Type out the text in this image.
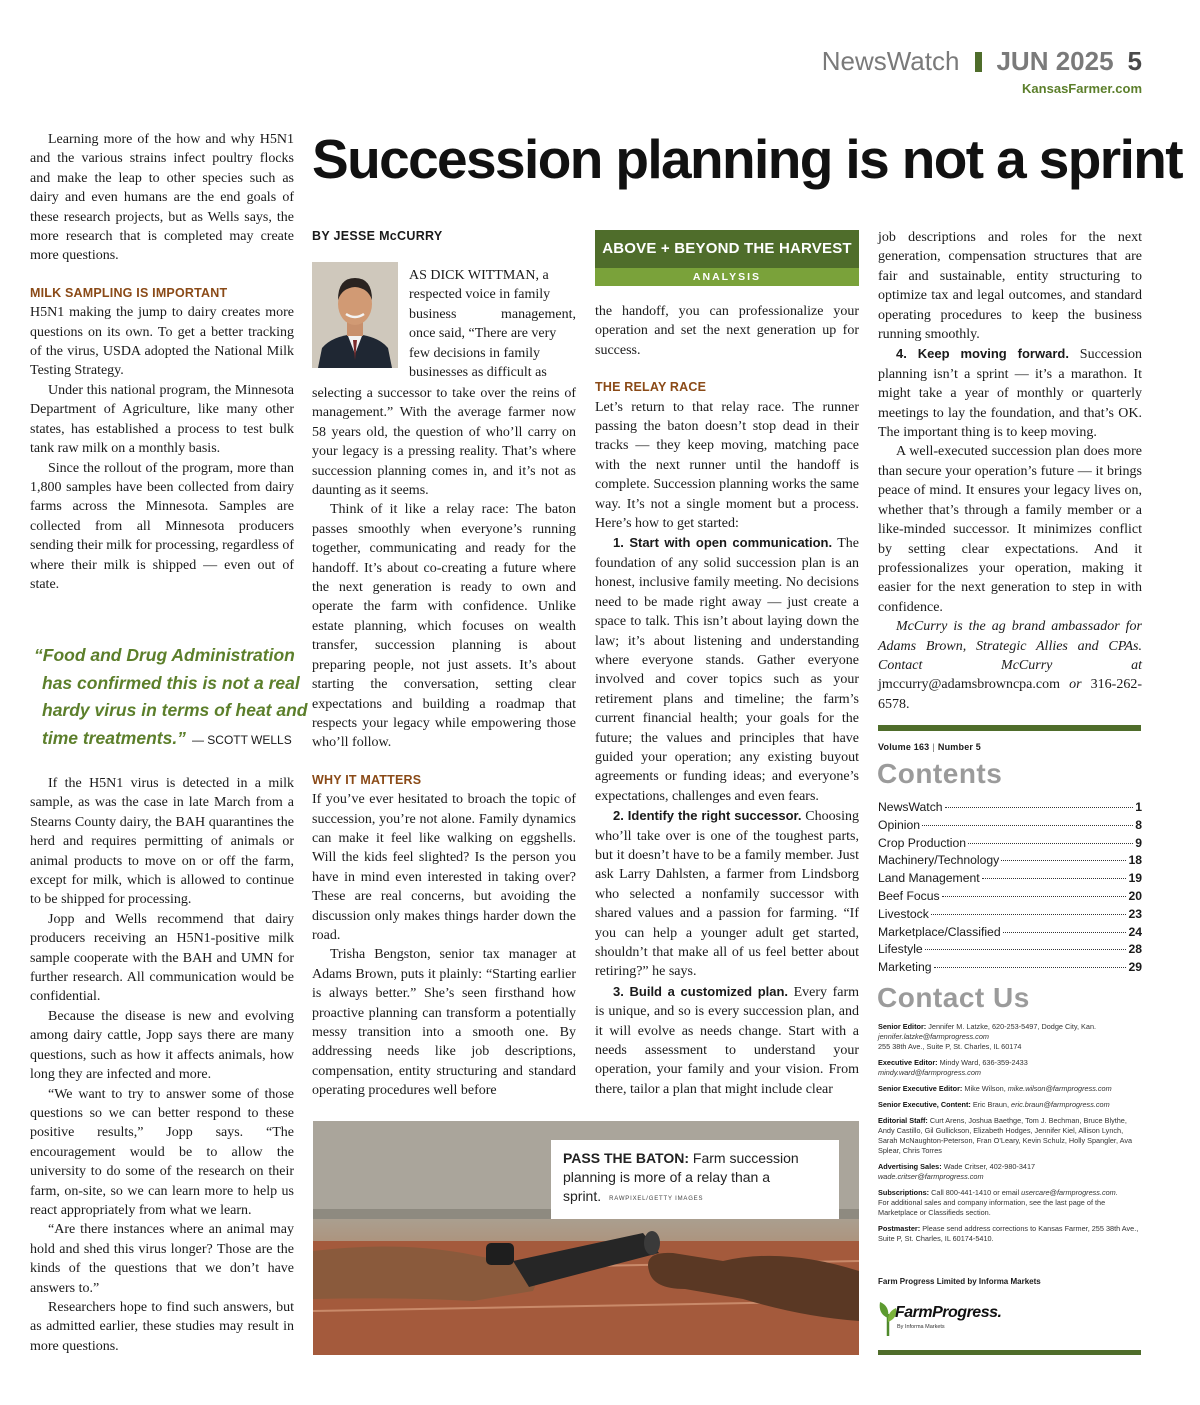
NewsWatch JUN 2025 5
KansasFarmer.com

Learning more of the how and why H5N1 and the various strains infect poultry flocks and make the leap to other species such as dairy and even humans are the end goals of these research projects, but as Wells says, the more research that is completed may create more questions.

MILK SAMPLING IS IMPORTANT

H5N1 making the jump to dairy creates more questions on its own. To get a better tracking of the virus, USDA adopted the National Milk Testing Strategy.

Under this national program, the Minnesota Department of Agriculture, like many other states, has established a process to test bulk tank raw milk on a monthly basis.

Since the rollout of the program, more than 1,800 samples have been collected from dairy farms across the Minnesota. Samples are collected from all Minnesota producers sending their milk for processing, regardless of where their milk is shipped — even out of state.

“Food and Drug Administration
has confirmed this is not a real
hardy virus in terms of heat and
time treatments.” — SCOTT WELLS

If the H5N1 virus is detected in a milk sample, as was the case in late March from a Stearns County dairy, the BAH quarantines the herd and requires permitting of animals or animal products to move on or off the farm, except for milk, which is allowed to continue to be shipped for processing.

Jopp and Wells recommend that dairy producers receiving an H5N1-positive milk sample cooperate with the BAH and UMN for further research. All communication would be confidential.

Because the disease is new and evolving among dairy cattle, Jopp says there are many questions, such as how it affects animals, how long they are infected and more.

“We want to try to answer some of those questions so we can better respond to these positive results,” Jopp says. “The encouragement would be to allow the university to do some of the research on their farm, on-site, so we can learn more to help us react appropriately from what we learn.

“Are there instances where an animal may hold and shed this virus longer? Those are the kinds of the questions that we don’t have answers to.”

Researchers hope to find such answers, but as admitted earlier, these studies may result in more questions.

Succession planning is not a sprint
BY JESSE McCURRY
AS DICK WITTMAN, a
respected voice in family
business management,
once said, “There are very
few decisions in family
businesses as difficult as

selecting a successor to take over the reins of management.” With the average farmer now 58 years old, the question of who’ll carry on your legacy is a pressing reality. That’s where succession planning comes in, and it’s not as daunting as it seems.

Think of it like a relay race: The baton passes smoothly when everyone’s running together, communicating and ready for the handoff. It’s about co-creating a future where the next generation is ready to own and operate the farm with confidence. Unlike estate planning, which focuses on wealth transfer, succession planning is about preparing people, not just assets. It’s about starting the conversation, setting clear expectations and building a roadmap that respects your legacy while empowering those who’ll follow.

WHY IT MATTERS

If you’ve ever hesitated to broach the topic of succession, you’re not alone. Family dynamics can make it feel like walking on eggshells. Will the kids feel slighted? Is the person you have in mind even interested in taking over? These are real concerns, but avoiding the discussion only makes things harder down the road.

Trisha Bengston, senior tax manager at Adams Brown, puts it plainly: “Starting earlier is always better.” She’s seen firsthand how proactive planning can transform a potentially messy transition into a smooth one. By addressing needs like job descriptions, compensation, entity structuring and standard operating procedures well before

ABOVE + BEYOND THE HARVEST
ANALYSIS

the handoff, you can professionalize your operation and set the next generation up for success.

THE RELAY RACE

Let’s return to that relay race. The runner passing the baton doesn’t stop dead in their tracks — they keep moving, matching pace with the next runner until the handoff is complete. Succession planning works the same way. It’s not a single moment but a process. Here’s how to get started:

1. Start with open communication. The foundation of any solid succession plan is an honest, inclusive family meeting. No decisions need to be made right away — just create a space to talk. This isn’t about laying down the law; it’s about listening and understanding where everyone stands. Gather everyone involved and cover topics such as your retirement plans and timeline; the farm’s current financial health; your goals for the future; the values and principles that have guided your operation; any existing buyout agreements or funding ideas; and everyone’s expectations, challenges and even fears.

2. Identify the right successor. Choosing who’ll take over is one of the toughest parts, but it doesn’t have to be a family member. Just ask Larry Dahlsten, a farmer from Lindsborg who selected a nonfamily successor with shared values and a passion for farming. “If you can help a younger adult get started, shouldn’t that make all of us feel better about retiring?” he says.

3. Build a customized plan. Every farm is unique, and so is every succession plan, and it will evolve as needs change. Start with a needs assessment to understand your operation, your family and your vision. From there, tailor a plan that might include clear

job descriptions and roles for the next generation, compensation structures that are fair and sustainable, entity structuring to optimize tax and legal outcomes, and standard operating procedures to keep the business running smoothly.

4. Keep moving forward. Succession planning isn’t a sprint — it’s a marathon. It might take a year of monthly or quarterly meetings to lay the foundation, and that’s OK. The important thing is to keep moving.

A well-executed succession plan does more than secure your operation’s future — it brings peace of mind. It ensures your legacy lives on, whether that’s through a family member or a like-minded successor. It minimizes conflict by setting clear expectations. And it professionalizes your operation, making it easier for the next generation to step in with confidence.

McCurry is the ag brand ambassador for Adams Brown, Strategic Allies and CPAs. Contact McCurry at jmccurry@adamsbrowncpa.com or 316-262-6578.

PASS THE BATON: Farm succession planning is more of a relay than a sprint. RAWPIXEL/GETTY IMAGES
Volume 163 | Number 5
Contents
NewsWatch	1
Opinion	8
Crop Production	9
Machinery/Technology	18
Land Management	19
Beef Focus	20
Livestock	23
Marketplace/Classified	24
Lifestyle	28
Marketing	29
Contact Us
Senior Editor: Jennifer M. Latzke, 620-253-5497, Dodge City, Kan.
jennifer.latzke@farmprogress.com
255 38th Ave., Suite P, St. Charles, IL 60174
Executive Editor: Mindy Ward, 636-359-2433
mindy.ward@farmprogress.com
Senior Executive Editor: Mike Wilson, mike.wilson@farmprogress.com
Senior Executive, Content: Eric Braun, eric.braun@farmprogress.com
Editorial Staff: Curt Arens, Joshua Baethge, Tom J. Bechman, Bruce Blythe, Andy Castillo, Gil Gullickson, Elizabeth Hodges, Jennifer Kiel, Allison Lynch, Sarah McNaughton-Peterson, Fran O’Leary, Kevin Schulz, Holly Spangler, Ava Splear, Chris Torres
Advertising Sales: Wade Critser, 402-980-3417
wade.critser@farmprogress.com
Subscriptions: Call 800-441-1410 or email usercare@farmprogress.com.
For additional sales and company information, see the last page of the Marketplace or Classifieds section.
Postmaster: Please send address corrections to Kansas Farmer, 255 38th Ave., Suite P, St. Charles, IL 60174-5410.
Farm Progress Limited by Informa Markets
FarmProgress.
By Informa Markets
